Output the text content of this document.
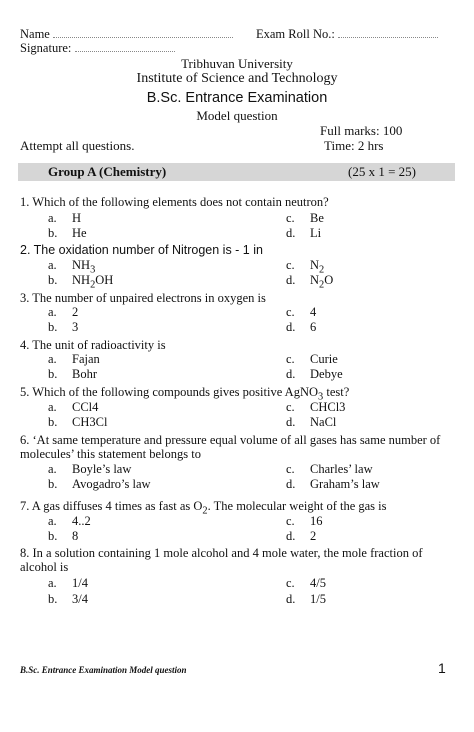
Name	Exam Roll No.:
Signature:
Tribhuvan University
Institute of Science and Technology
B.Sc. Entrance Examination
Model question
Full marks: 100
Attempt all questions.	Time: 2 hrs
Group A (Chemistry)	(25 x 1 = 25)
1. Which of the following elements does not contain neutron?
a. H	c. Be
b. He	d. Li
2. The oxidation number of Nitrogen is - 1 in
a. $NH_3$	c. $N_2$
b. $NH_2OH$	d. $N_2O$
3. The number of unpaired electrons in oxygen is
a. 2	c. 4
b. 3	d. 6
4. The unit of radioactivity is
a. Fajan	c. Curie
b. Bohr	d. Debye
5. Which of the following compounds gives positive AgNO$_3$ test?
a. CCl4	c. CHCl3
b. CH3Cl	d. NaCl
6. ‘At same temperature and pressure equal volume of all gases has same number of molecules’ this statement belongs to
a. Boyle’s law	c. Charles’ law
b. Avogadro’s law	d. Graham’s law
7. A gas diffuses 4 times as fast as $O_2$. The molecular weight of the gas is
a. 4..2	c. 16
b. 8	d. 2
8. In a solution containing 1 mole alcohol and 4 mole water, the mole fraction of alcohol is
a. 1/4	c. 4/5
b. 3/4	d. 1/5
B.Sc. Entrance Examination Model question	1
